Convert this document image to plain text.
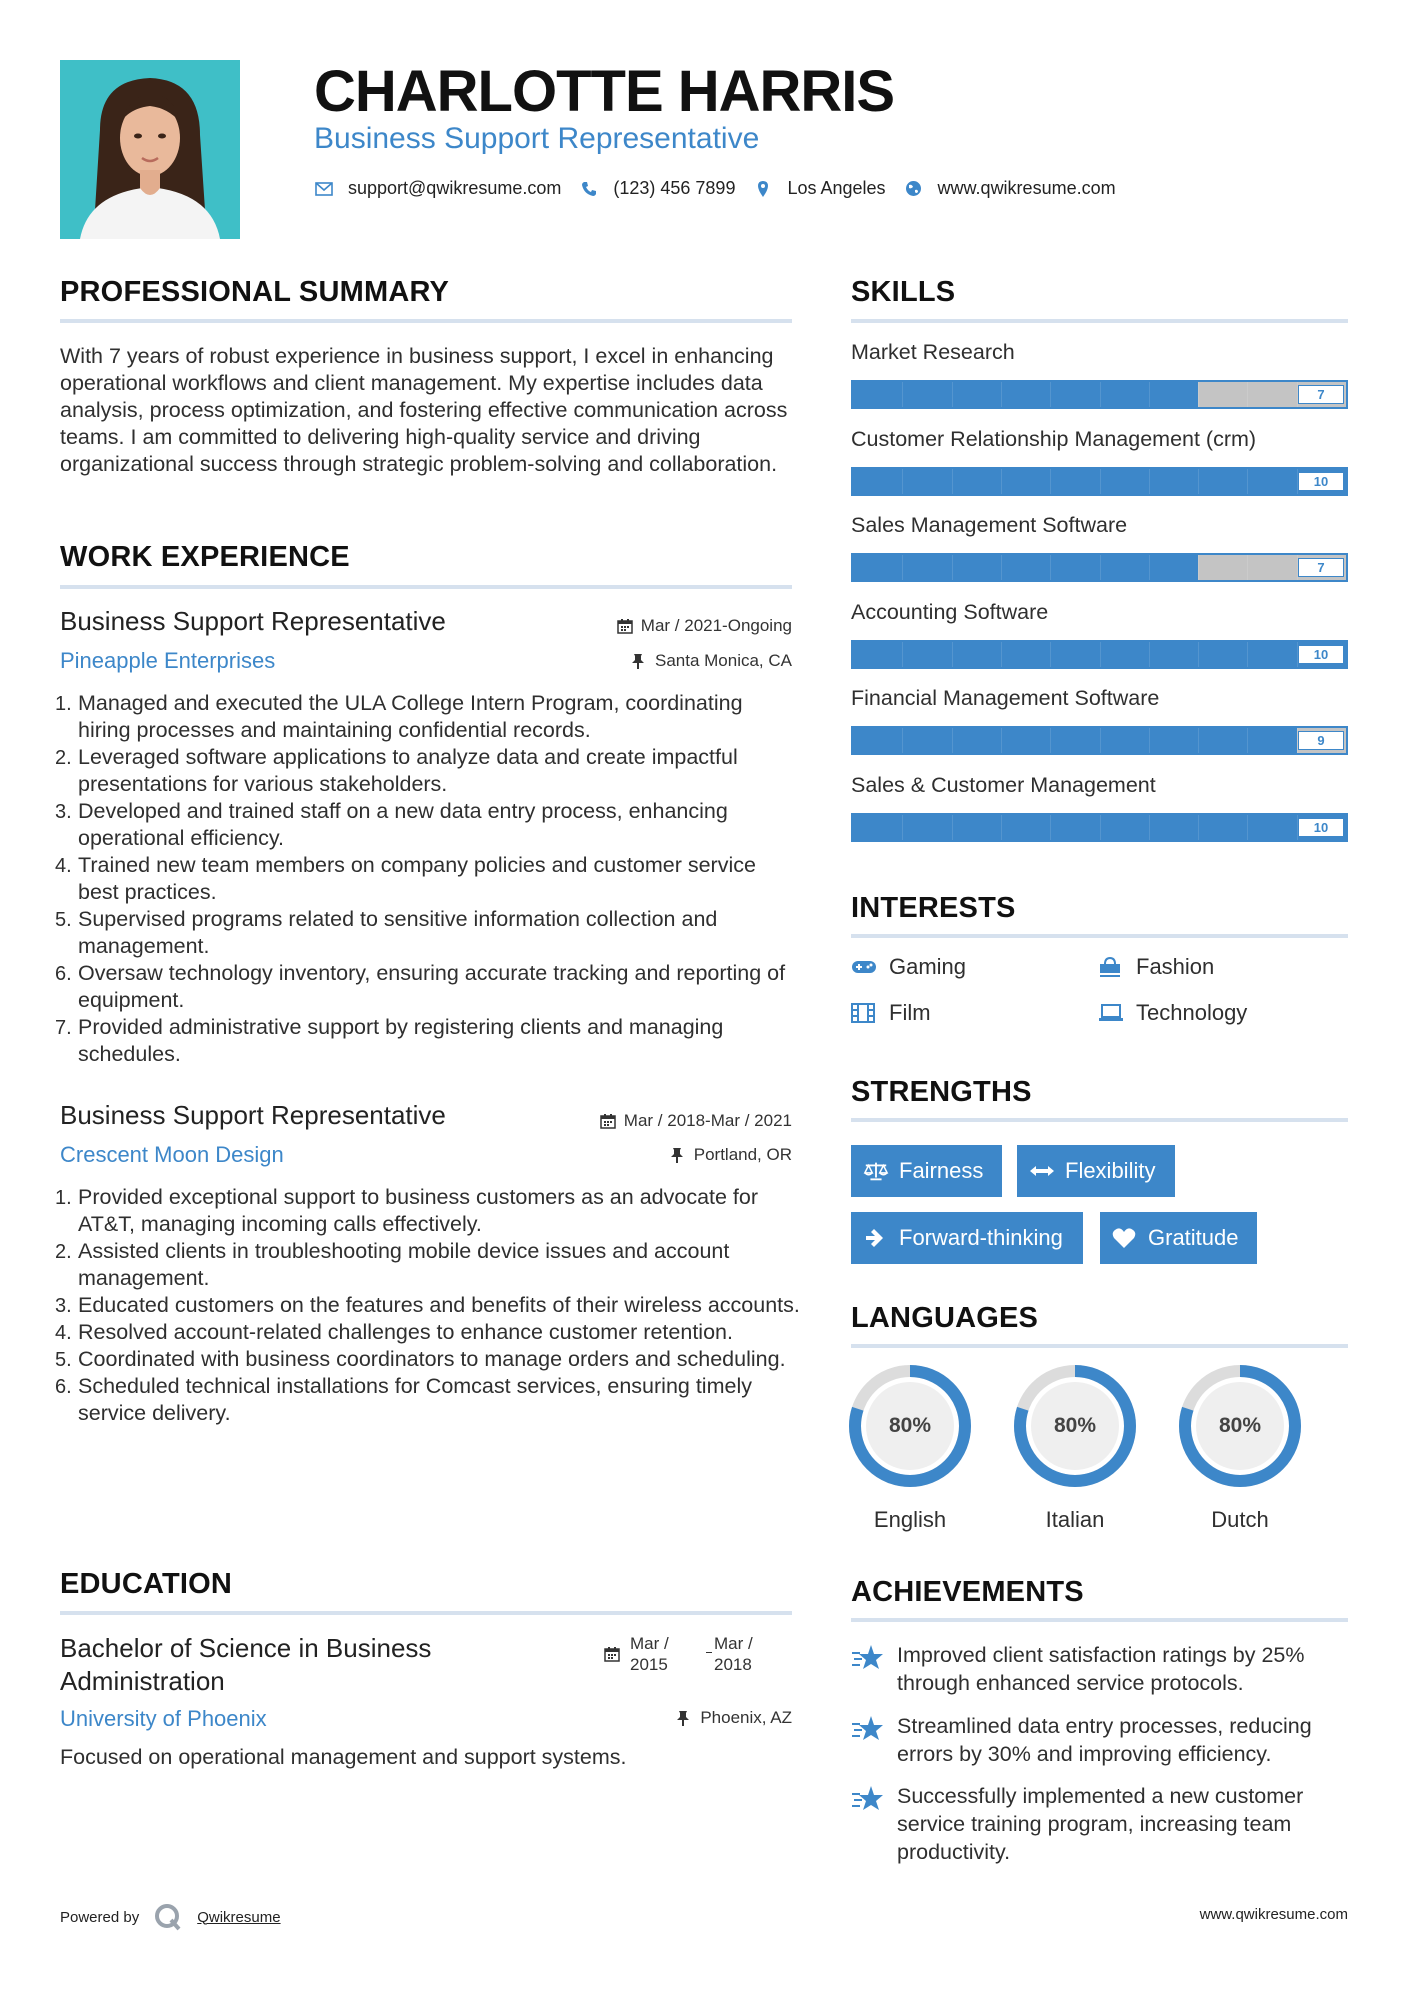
CHARLOTTE HARRIS
Business Support Representative
support@qwikresume.com	(123) 456 7899	Los Angeles	www.qwikresume.com
PROFESSIONAL SUMMARY
With 7 years of robust experience in business support, I excel in enhancing operational workflows and client management. My expertise includes data analysis, process optimization, and fostering effective communication across teams. I am committed to delivering high-quality service and driving organizational success through strategic problem-solving and collaboration.
WORK EXPERIENCE
Business Support Representative	Mar / 2021-Ongoing
Pineapple Enterprises	Santa Monica, CA
Managed and executed the ULA College Intern Program, coordinating hiring processes and maintaining confidential records.
Leveraged software applications to analyze data and create impactful presentations for various stakeholders.
Developed and trained staff on a new data entry process, enhancing operational efficiency.
Trained new team members on company policies and customer service best practices.
Supervised programs related to sensitive information collection and management.
Oversaw technology inventory, ensuring accurate tracking and reporting of equipment.
Provided administrative support by registering clients and managing schedules.
Business Support Representative	Mar / 2018-Mar / 2021
Crescent Moon Design	Portland, OR
Provided exceptional support to business customers as an advocate for AT&T, managing incoming calls effectively.
Assisted clients in troubleshooting mobile device issues and account management.
Educated customers on the features and benefits of their wireless accounts.
Resolved account-related challenges to enhance customer retention.
Coordinated with business coordinators to manage orders and scheduling.
Scheduled technical installations for Comcast services, ensuring timely service delivery.
EDUCATION
Bachelor of Science in Business Administration
Mar /
2015
Mar /
2018
University of Phoenix	Phoenix, AZ
Focused on operational management and support systems.
SKILLS
Market Research
7
Customer Relationship Management (crm)
10
Sales Management Software
7
Accounting Software
10
Financial Management Software
9
Sales & Customer Management
10
INTERESTS
Gaming	Fashion
Film	Technology
STRENGTHS
Fairness	Flexibility
Forward-thinking	Gratitude
LANGUAGES
80%
English
80%
Italian
80%
Dutch
ACHIEVEMENTS
Improved client satisfaction ratings by 25% through enhanced service protocols.
Streamlined data entry processes, reducing errors by 30% and improving efficiency.
Successfully implemented a new customer service training program, increasing team productivity.
Powered by	Qwikresume	www.qwikresume.com
